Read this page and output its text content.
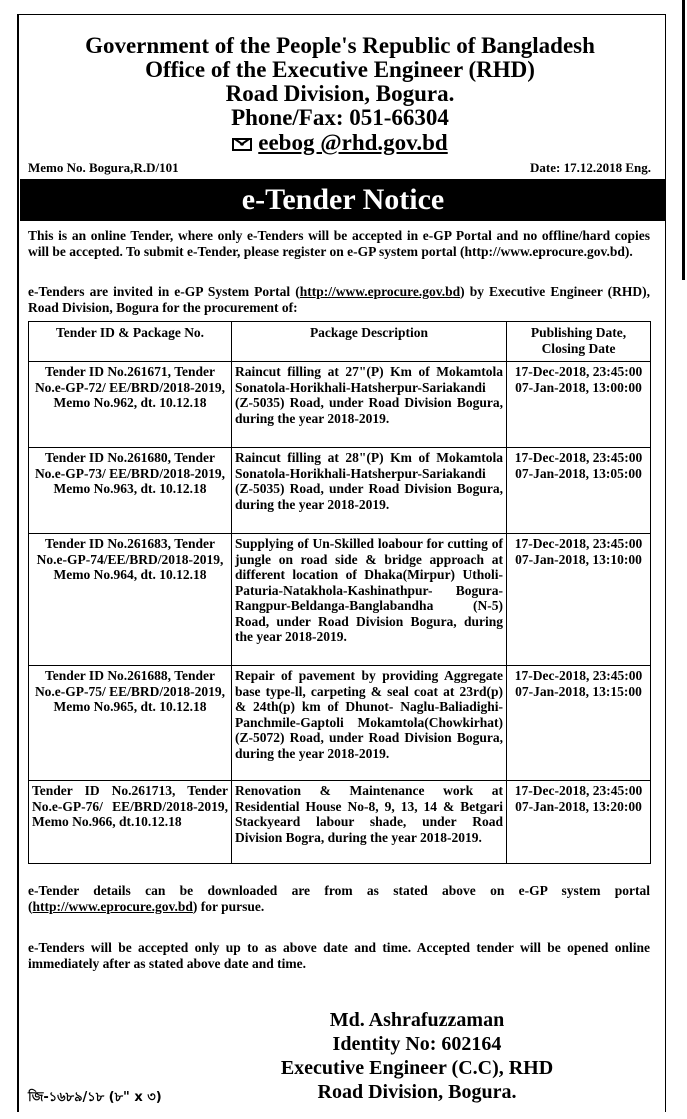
Government of the People's Republic of Bangladesh
Office of the Executive Engineer (RHD)
Road Division, Bogura.
Phone/Fax: 051-66304
eebog @rhd.gov.bd
Memo No. Bogura,R.D/101	Date: 17.12.2018 Eng.
e-Tender Notice
This is an online Tender, where only e-Tenders will be accepted in e-GP Portal and no offline/hard copies will be accepted. To submit e-Tender, please register on e-GP system portal (http://www.eprocure.gov.bd).
e-Tenders are invited in e-GP System Portal (http://www.eprocure.gov.bd) by Executive Engineer (RHD), Road Division, Bogura for the procurement of:
Tender ID & Package No.	Package Description	Publishing Date, Closing Date
Tender ID No.261671, Tender No.e-GP-72/ EE/BRD/2018-2019, Memo No.962, dt. 10.12.18	Raincut filling at 27"(P) Km of Mokamtola Sonatola-Horikhali-Hatsherpur-Sariakandi (Z-5035) Road, under Road Division Bogura, during the year 2018-2019.	17-Dec-2018, 23:45:00
07-Jan-2018, 13:00:00

Tender ID No.261680, Tender No.e-GP-73/ EE/BRD/2018-2019, Memo No.963, dt. 10.12.18	Raincut filling at 28"(P) Km of Mokamtola Sonatola-Horikhali-Hatsherpur-Sariakandi (Z-5035) Road, under Road Division Bogura, during the year 2018-2019.	17-Dec-2018, 23:45:00
07-Jan-2018, 13:05:00

Tender ID No.261683, Tender No.e-GP-74/EE/BRD/2018-2019, Memo No.964, dt. 10.12.18	Supplying of Un-Skilled loabour for cutting of jungle on road side & bridge approach at different location of Dhaka(Mirpur) Utholi-Paturia-Natakhola-Kashinathpur- Bogura-Rangpur-Beldanga-Banglabandha (N-5) Road, under Road Division Bogura, during the year 2018-2019.	17-Dec-2018, 23:45:00
07-Jan-2018, 13:10:00

Tender ID No.261688, Tender No.e-GP-75/ EE/BRD/2018-2019, Memo No.965, dt. 10.12.18	Repair of pavement by providing Aggregate base type-ll, carpeting & seal coat at 23rd(p) & 24th(p) km of Dhunot- Naglu-Baliadighi-Panchmile-Gaptoli Mokamtola(Chowkirhat) (Z-5072) Road, under Road Division Bogura, during the year 2018-2019.	17-Dec-2018, 23:45:00
07-Jan-2018, 13:15:00

Tender ID No.261713, Tender No.e-GP-76/ EE/BRD/2018-2019, Memo No.966, dt.10.12.18	Renovation & Maintenance work at Residential House No-8, 9, 13, 14 & Betgari Stackyeard labour shade, under Road Division Bogra, during the year 2018-2019.	17-Dec-2018, 23:45:00
07-Jan-2018, 13:20:00
e-Tender details can be downloaded are from as stated above on e-GP system portal (http://www.eprocure.gov.bd) for pursue.
e-Tenders will be accepted only up to as above date and time. Accepted tender will be opened online immediately after as stated above date and time.
Md. Ashrafuzzaman
Identity No: 602164
Executive Engineer (C.C), RHD
Road Division, Bogura.
জি-১৬৮৯/১৮ (৮" x ৩)
